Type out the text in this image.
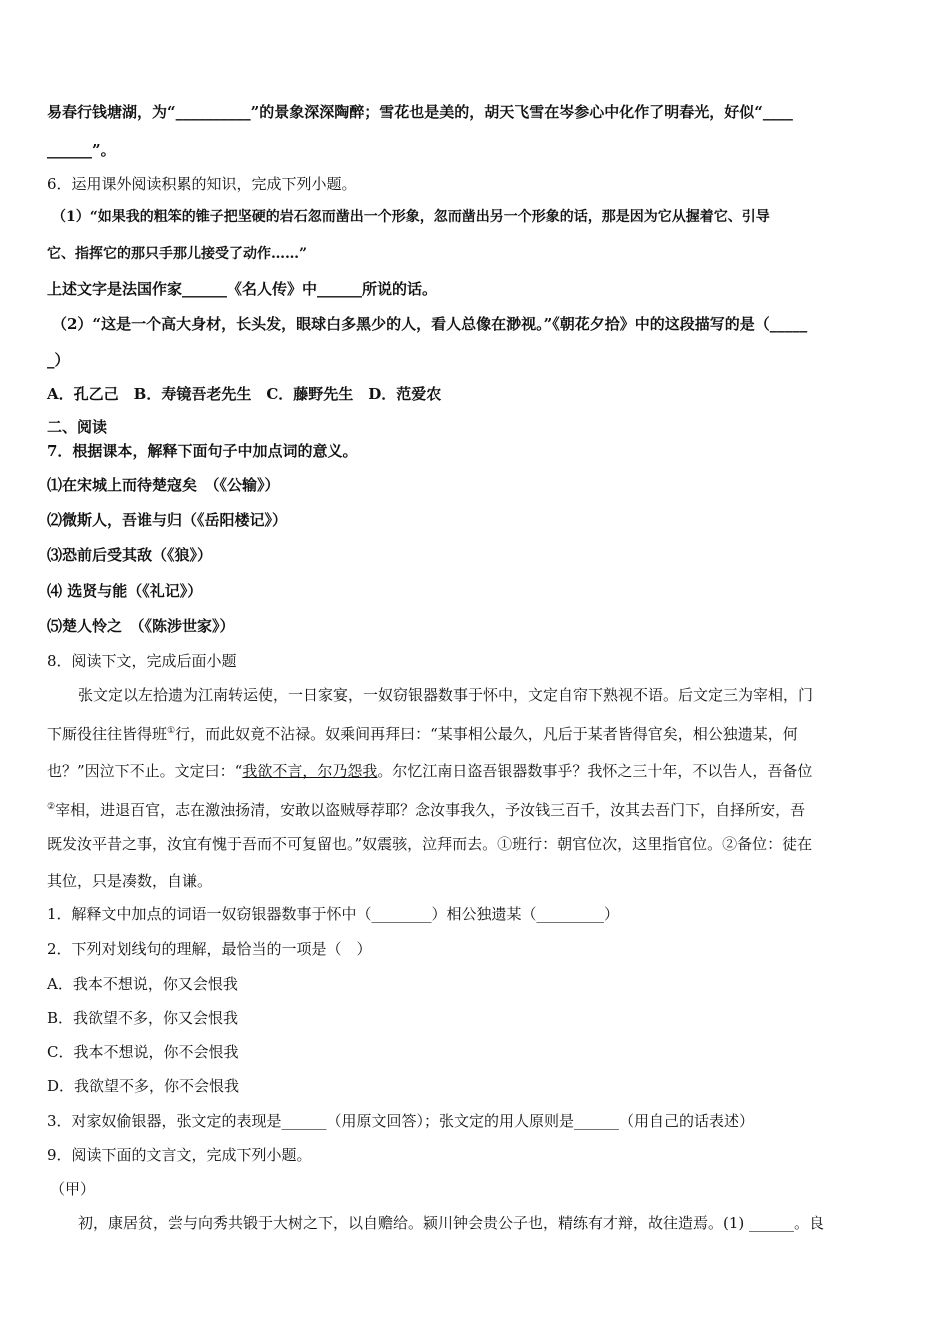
易春行钱塘湖，为“__________”的景象深深陶醉；雪花也是美的，胡天飞雪在岑参心中化作了明春光，好似“____
______”。
6．运用课外阅读积累的知识，完成下列小题。
（1）“如果我的粗笨的锥子把坚硬的岩石忽而凿出一个形象，忽而凿出另一个形象的话，那是因为它从握着它、引导
它、指挥它的那只手那儿接受了动作……”
上述文字是法国作家______《名人传》中______所说的话。
（2）“这是一个高大身材，长头发，眼球白多黑少的人，看人总像在渺视。”《朝花夕拾》中的这段描写的是（_____
_）
A．孔乙己　B．寿镜吾老先生　C．藤野先生　D．范爱农
二、阅读
7．根据课本，解释下面句子中加点词的意义。
⑴在宋城上而待楚寇矣　（《公输》）
⑵微斯人，吾谁与归（《岳阳楼记》）
⑶恐前后受其敌（《狼》）
⑷ 选贤与能（《礼记》）
⑸楚人怜之　（《陈涉世家》）
8．阅读下文，完成后面小题
张文定以左拾遗为江南转运使，一日家宴，一奴窃银器数事于怀中，文定自帘下熟视不语。后文定三为宰相，门
下厮役往往皆得班①行，而此奴竟不沾禄。奴乘间再拜曰：“某事相公最久，凡后于某者皆得官矣，相公独遗某，何
也？”因泣下不止。文定曰：“我欲不言，尔乃怨我。尔忆江南日盗吾银器数事乎？我怀之三十年，不以告人，吾备位
②宰相，进退百官，志在激浊扬清，安敢以盗贼辱荐耶？念汝事我久，予汝钱三百千，汝其去吾门下，自择所安，吾
既发汝平昔之事，汝宜有愧于吾而不可复留也。”奴震骇，泣拜而去。①班行：朝官位次，这里指官位。②备位：徒在
其位，只是凑数，自谦。
1．解释文中加点的词语一奴窃银器数事于怀中（________）相公独遗某（_________）
2．下列对划线句的理解，最恰当的一项是（　）
A．我本不想说，你又会恨我
B．我欲望不多，你又会恨我
C．我本不想说，你不会恨我
D．我欲望不多，你不会恨我
3．对家奴偷银器，张文定的表现是______（用原文回答）；张文定的用人原则是______（用自己的话表述）
9．阅读下面的文言文，完成下列小题。
（甲）
初，康居贫，尝与向秀共锻于大树之下，以自赡给。颍川钟会贵公子也，精练有才辩，故往造焉。(1) ______。良
